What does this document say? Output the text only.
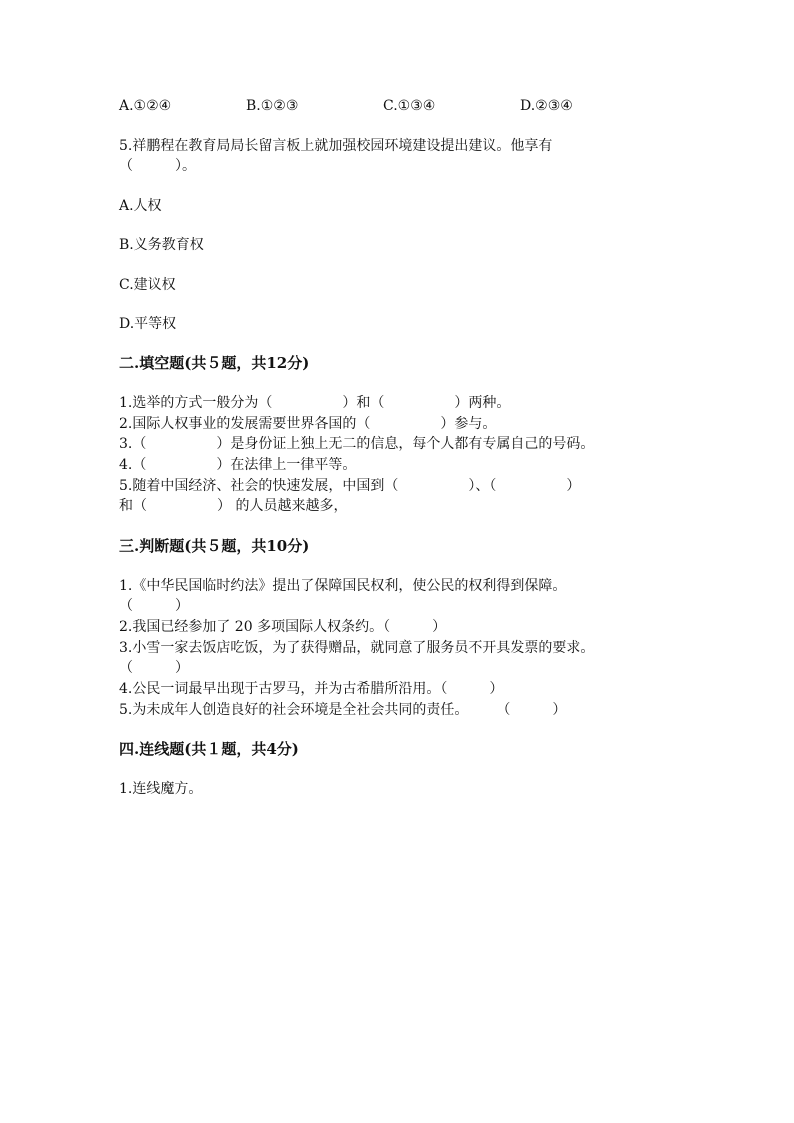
A.①②④	B.①②③	C.①③④	D.②③④
5.祥鹏程在教育局局长留言板上就加强校园环境建设提出建议。他享有
（　　　）。
A.人权
B.义务教育权
C.建议权
D.平等权
二.填空题(共５题，共12分)
1.选举的方式一般分为（　　　　　）和（　　　　　）两种。
2.国际人权事业的发展需要世界各国的（　　　　　）参与。
3.（　　　　　）是身份证上独上无二的信息，每个人都有专属自己的号码。
4.（　　　　　）在法律上一律平等。
5.随着中国经济、社会的快速发展，中国到（　　　　　）、（　　　　　）
和（　　　　　） 的人员越来越多，
三.判断题(共５题，共10分)
1.《中华民国临时约法》提出了保障国民权利，使公民的权利得到保障。
（　　　）
2.我国已经参加了 20 多项国际人权条约。（　　　）
3.小雪一家去饭店吃饭，为了获得赠品，就同意了服务员不开具发票的要求。
（　　　）
4.公民一词最早出现于古罗马，并为古希腊所沿用。（　　　）
5.为未成年人创造良好的社会环境是全社会共同的责任。　　　（　　　）
四.连线题(共１题，共4分)
1.连线魔方。
